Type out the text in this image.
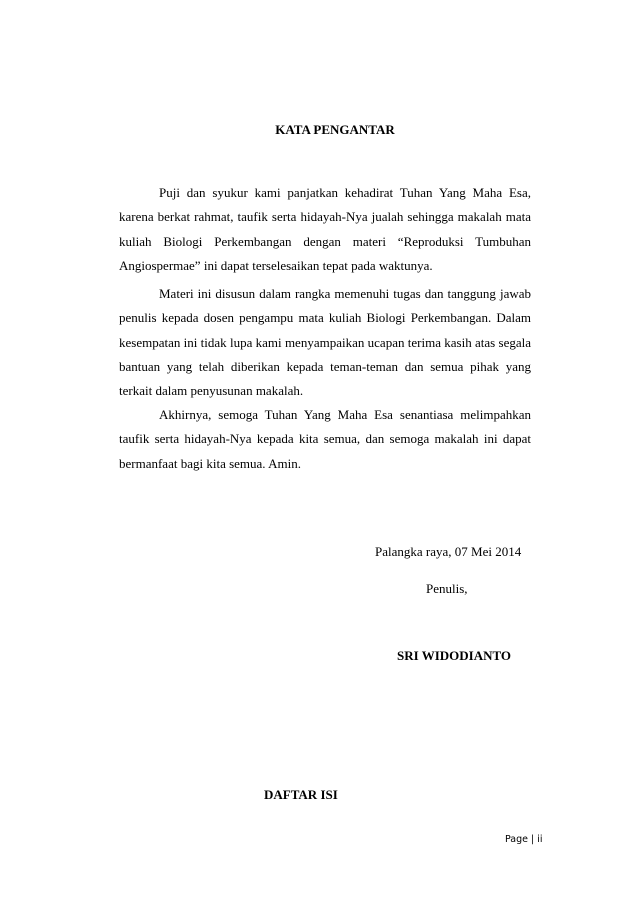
KATA PENGANTAR

Puji dan syukur kami panjatkan kehadirat Tuhan Yang Maha Esa, karena berkat rahmat, taufik serta hidayah-Nya jualah sehingga makalah mata kuliah Biologi Perkembangan dengan materi “Reproduksi Tumbuhan Angiospermae” ini dapat terselesaikan tepat pada waktunya.

Materi ini disusun dalam rangka memenuhi tugas dan tanggung jawab penulis kepada dosen pengampu mata kuliah Biologi Perkembangan. Dalam kesempatan ini tidak lupa kami menyampaikan ucapan terima kasih atas segala bantuan yang telah diberikan kepada teman-teman dan semua pihak yang terkait dalam penyusunan makalah.

Akhirnya, semoga Tuhan Yang Maha Esa senantiasa melimpahkan taufik serta hidayah-Nya kepada kita semua, dan semoga makalah ini dapat bermanfaat bagi kita semua. Amin.

Palangka raya, 07 Mei 2014

Penulis,

SRI WIDODIANTO

DAFTAR ISI
Page | ii
